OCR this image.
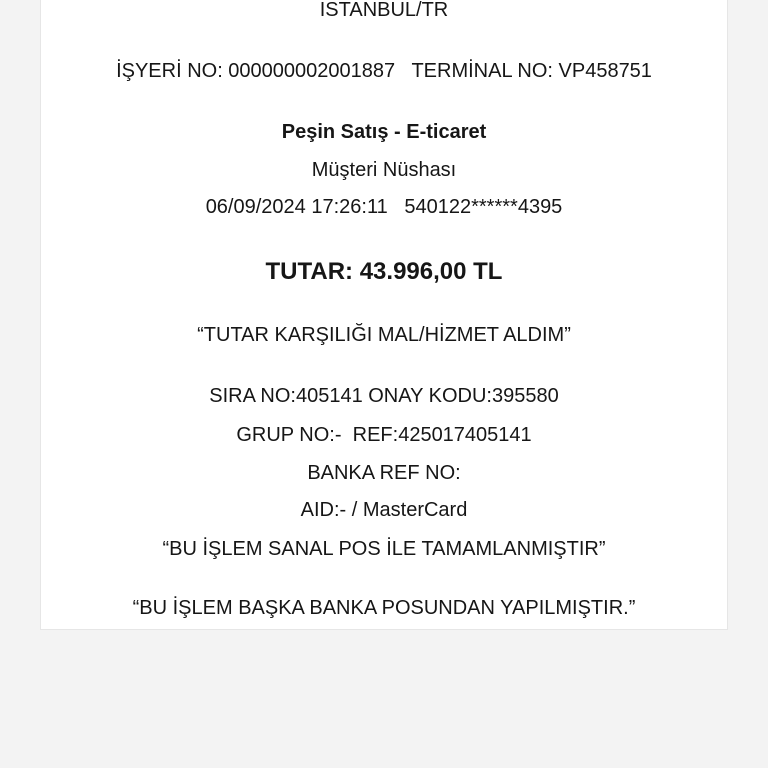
İSTANBUL/TR
İŞYERİ NO: 000000002001887   TERMİNAL NO: VP458751
Peşin Satış - E-ticaret
Müşteri Nüshası
06/09/2024 17:26:11   540122******4395
TUTAR: 43.996,00 TL
“TUTAR KARŞILIĞI MAL/HİZMET ALDIM”
SIRA NO:405141 ONAY KODU:395580
GRUP NO:-  REF:425017405141
BANKA REF NO:
AID:- / MasterCard
“BU İŞLEM SANAL POS İLE TAMAMLANMIŞTIR”
“BU İŞLEM BAŞKA BANKA POSUNDAN YAPILMIŞTIR.”
